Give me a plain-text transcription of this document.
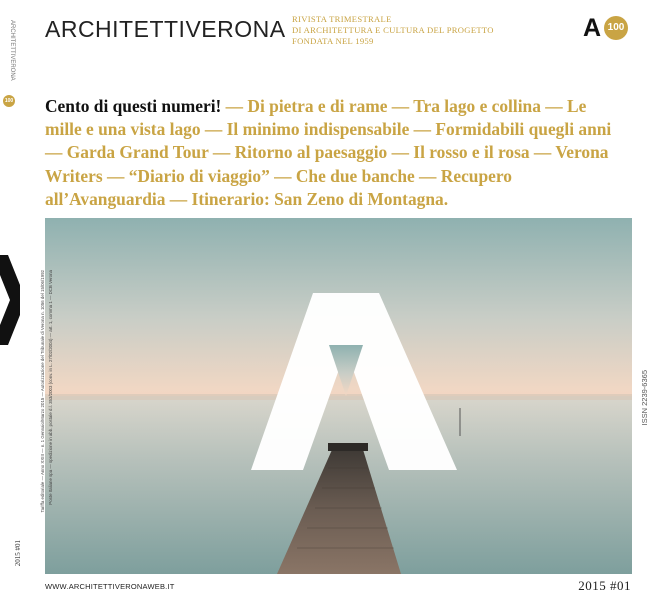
ARCHITETTIVERONA RIVISTA TRIMESTRALE
DI ARCHITETTURA E CULTURA DEL PROGETTO
FONDATA NEL 1959	A 100
ARCHITETTIVERONA
100
2015 #01
Cento di questi numeri! — Di pietra e di rame — Tra lago e collina — Le mille e una vista lago — Il minimo indispensabile — Formidabili quegli anni — Garda Grand Tour — Ritorno al paesaggio — Il rosso e il rosa — Verona Writers — “Diario di viaggio” — Che due banche — Recupero all’Avanguardia — Itinerario: San Zeno di Montagna.
Tariffa editoriale — Anno XXIII — n. 1 Gennaio/Marzo 2015 — Autorizzazione del Tribunale di Verona n. 1056 del 15/06/1992 Poste Italiane spa — spedizione in abb. postale d.l. 353/2003 (conv. in L. 27/02/2004) — art. 1, comma 1 — DCB Verona	ISSN 2239-6365
WWW.ARCHITETTIVERONAWEB.IT	2015 #01
